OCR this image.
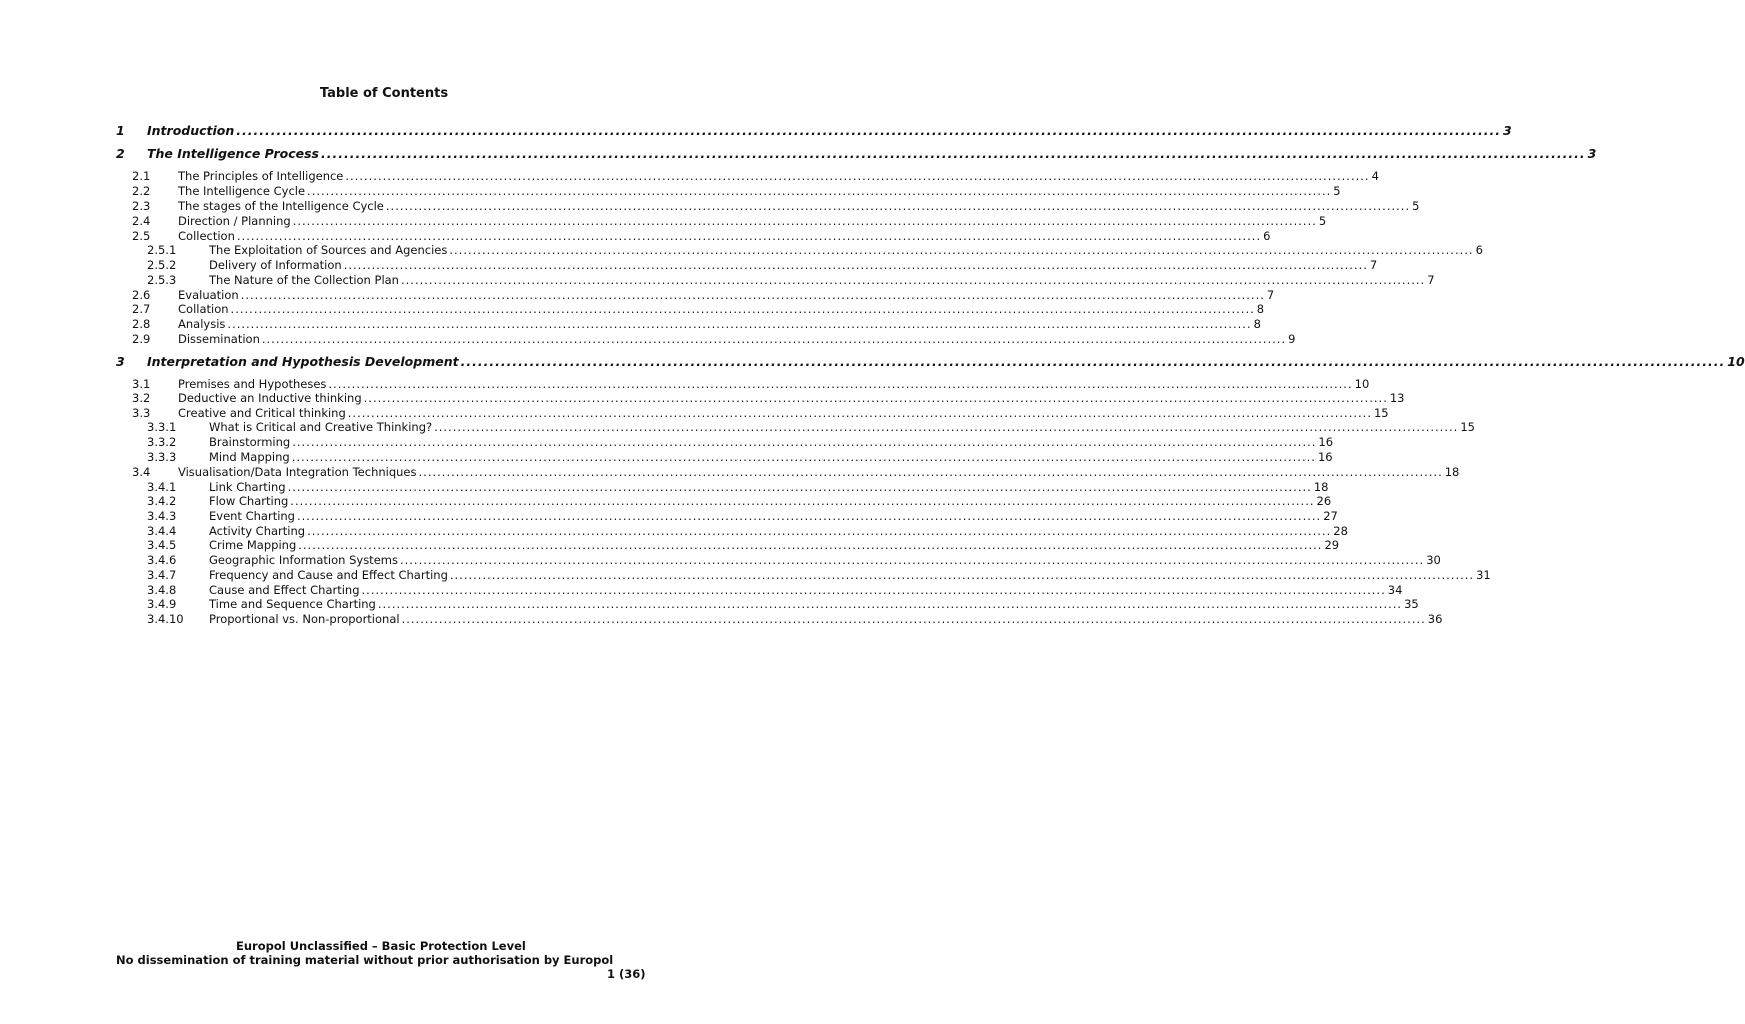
Table of Contents
1	Introduction ............................................................................................................................................................................................................................ 3
2	The Intelligence Process ............................................................................................................................................................................................................................ 3
2.1	The Principles of Intelligence ............................................................................................................................................................................................................................ 4
2.2	The Intelligence Cycle ............................................................................................................................................................................................................................ 5
2.3	The stages of the Intelligence Cycle ............................................................................................................................................................................................................................ 5
2.4	Direction / Planning ............................................................................................................................................................................................................................ 5
2.5	Collection ............................................................................................................................................................................................................................ 6
2.5.1	The Exploitation of Sources and Agencies ............................................................................................................................................................................................................................ 6
2.5.2	Delivery of Information ............................................................................................................................................................................................................................ 7
2.5.3	The Nature of the Collection Plan ............................................................................................................................................................................................................................ 7
2.6	Evaluation ............................................................................................................................................................................................................................ 7
2.7	Collation ............................................................................................................................................................................................................................ 8
2.8	Analysis ............................................................................................................................................................................................................................ 8
2.9	Dissemination ............................................................................................................................................................................................................................ 9
3	Interpretation and Hypothesis Development ............................................................................................................................................................................................................................ 10
3.1	Premises and Hypotheses ............................................................................................................................................................................................................................ 10
3.2	Deductive an Inductive thinking ............................................................................................................................................................................................................................ 13
3.3	Creative and Critical thinking ............................................................................................................................................................................................................................ 15
3.3.1	What is Critical and Creative Thinking? ............................................................................................................................................................................................................................ 15
3.3.2	Brainstorming ............................................................................................................................................................................................................................ 16
3.3.3	Mind Mapping ............................................................................................................................................................................................................................ 16
3.4	Visualisation/Data Integration Techniques ............................................................................................................................................................................................................................ 18
3.4.1	Link Charting ............................................................................................................................................................................................................................ 18
3.4.2	Flow Charting ............................................................................................................................................................................................................................ 26
3.4.3	Event Charting ............................................................................................................................................................................................................................ 27
3.4.4	Activity Charting ............................................................................................................................................................................................................................ 28
3.4.5	Crime Mapping ............................................................................................................................................................................................................................ 29
3.4.6	Geographic Information Systems ............................................................................................................................................................................................................................ 30
3.4.7	Frequency and Cause and Effect Charting ............................................................................................................................................................................................................................ 31
3.4.8	Cause and Effect Charting ............................................................................................................................................................................................................................ 34
3.4.9	Time and Sequence Charting ............................................................................................................................................................................................................................ 35
3.4.10	Proportional vs. Non-proportional ............................................................................................................................................................................................................................ 36
Europol Unclassified – Basic Protection Level
No dissemination of training material without prior authorisation by Europol
1 (36)
